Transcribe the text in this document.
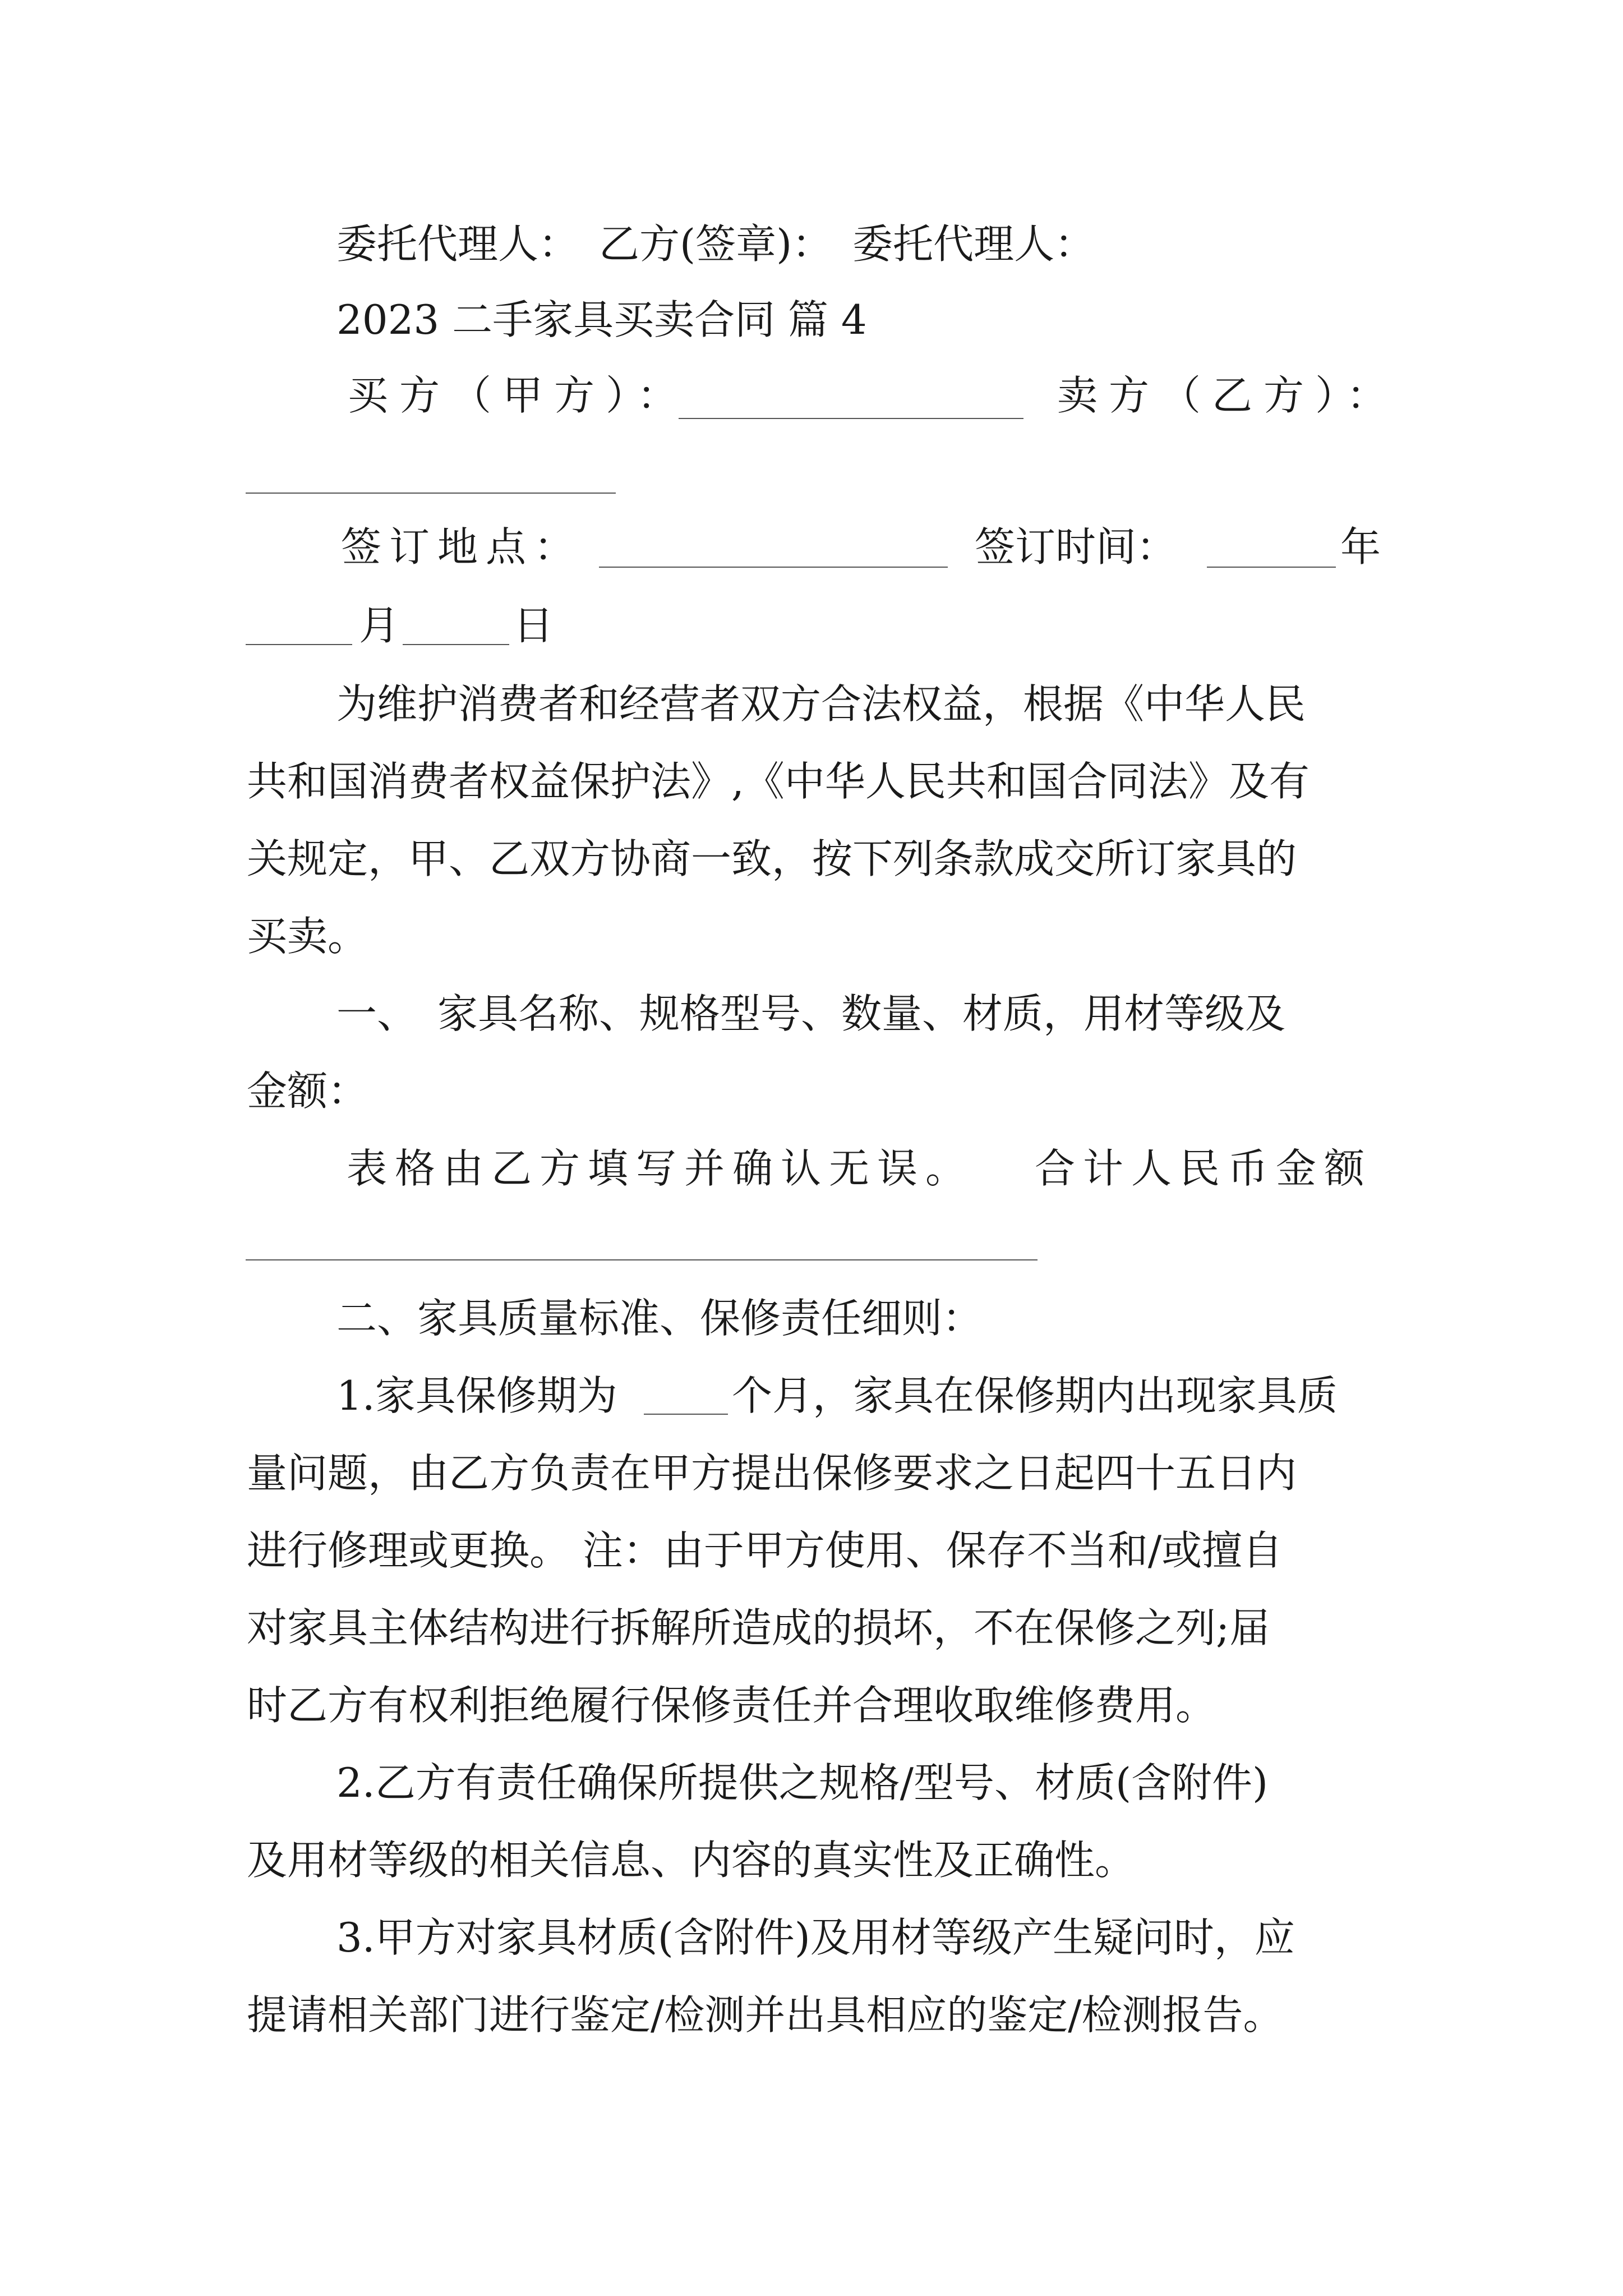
委托代理人：　乙方(签章)：　委托代理人：
2023 二手家具买卖合同 篇 4
买方（甲方）：	卖方（乙方）：
签订地点：	签订时间：	年
月	日
为维护消费者和经营者双方合法权益，根据《中华人民
共和国消费者权益保护法》,《中华人民共和国合同法》及有
关规定，甲、乙双方协商一致，按下列条款成交所订家具的
买卖。
一、　家具名称、规格型号、数量、材质，用材等级及
金额：
表格由乙方填写并确认无误。 合计人民币金额
二、家具质量标准、保修责任细则：
1.家具保修期为	个月，家具在保修期内出现家具质
量问题，由乙方负责在甲方提出保修要求之日起四十五日内
进行修理或更换。 注：由于甲方使用、保存不当和/或擅自
对家具主体结构进行拆解所造成的损坏，不在保修之列;届
时乙方有权利拒绝履行保修责任并合理收取维修费用。
2.乙方有责任确保所提供之规格/型号、材质(含附件)
及用材等级的相关信息、内容的真实性及正确性。
3.甲方对家具材质(含附件)及用材等级产生疑问时，应
提请相关部门进行鉴定/检测并出具相应的鉴定/检测报告。
